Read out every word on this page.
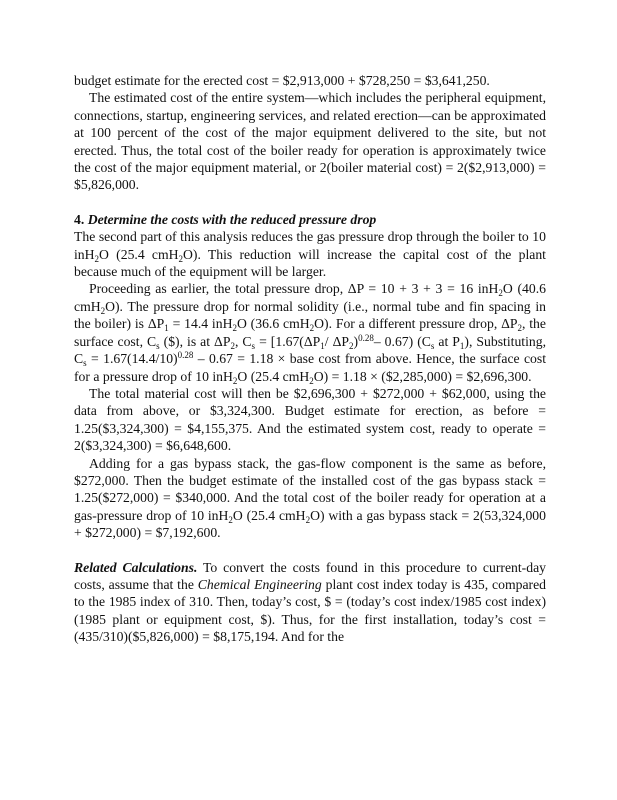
budget estimate for the erected cost = $2,913,000 + $728,250 = $3,641,250.

The estimated cost of the entire system—which includes the peripheral equipment, connections, startup, engineering services, and related erection—can be approximated at 100 percent of the cost of the major equipment delivered to the site, but not erected. Thus, the total cost of the boiler ready for operation is approximately twice the cost of the major equipment material, or 2(boiler material cost) = 2($2,913,000) = $5,826,000.

4. Determine the costs with the reduced pressure drop

The second part of this analysis reduces the gas pressure drop through the boiler to 10 inH$_2$O (25.4 cmH$_2$O). This reduction will increase the capital cost of the plant because much of the equipment will be larger.

Proceeding as earlier, the total pressure drop, ΔP = 10 + 3 + 3 = 16 inH$_2$O (40.6 cmH$_2$O). The pressure drop for normal solidity (i.e., normal tube and fin spacing in the boiler) is $\Delta P_1 = 14.4$ inH$_2$O (36.6 cmH$_2$O). For a different pressure drop, $\Delta P_2$, the surface cost, $C_s$ ($), is at $\Delta P_2$, $C_s = [1.67(\Delta P_1/$ $\Delta P_2)^{0.28}-$ 0.67) ($C_s$ at $P_1$), Substituting, $C_s = 1.67(14.4/10)^{0.28} - 0.67 = 1.18$ × base cost from above. Hence, the surface cost for a pressure drop of 10 inH$_2$O (25.4 cmH$_2$O) = 1.18 × ($2,285,000) = $2,696,300.

The total material cost will then be $2,696,300 + $272,000 + $62,000, using the data from above, or $3,324,300. Budget estimate for erection, as before = 1.25($3,324,300) = $4,155,375. And the estimated system cost, ready to operate = 2($3,324,300) = $6,648,600.

Adding for a gas bypass stack, the gas-flow component is the same as before, $272,000. Then the budget estimate of the installed cost of the gas bypass stack = 1.25($272,000) = $340,000. And the total cost of the boiler ready for operation at a gas-pressure drop of 10 inH$_2$O (25.4 cmH$_2$O) with a gas bypass stack = 2(53,324,000 + $272,000) = $7,192,600.

Related Calculations. To convert the costs found in this procedure to current-day costs, assume that the Chemical Engineering plant cost index today is 435, compared to the 1985 index of 310. Then, today’s cost, $ = (today’s cost index/1985 cost index)(1985 plant or equipment cost, $). Thus, for the first installation, today’s cost = (435/310)($5,826,000) = $8,175,194. And for the
